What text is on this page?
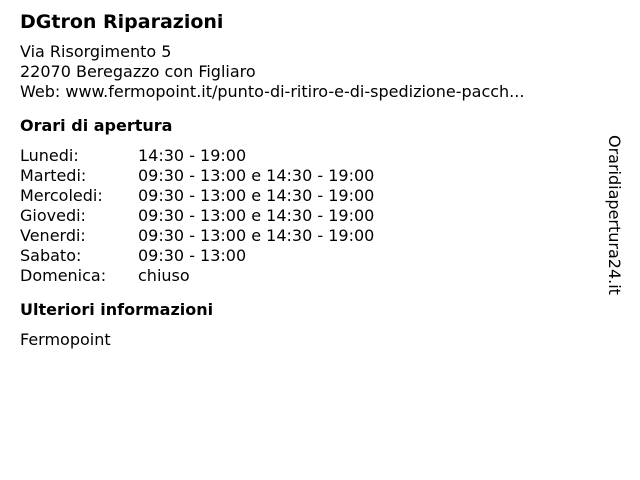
DGtron Riparazioni
Via Risorgimento 5
22070 Beregazzo con Figliaro
Web: www.fermopoint.it/punto-di-ritiro-e-di-spedizione-pacch...
Orari di apertura
Lunedi:	14:30 - 19:00
Martedi:	09:30 - 13:00 e 14:30 - 19:00
Mercoledi:	09:30 - 13:00 e 14:30 - 19:00
Giovedi:	09:30 - 13:00 e 14:30 - 19:00
Venerdi:	09:30 - 13:00 e 14:30 - 19:00
Sabato:	09:30 - 13:00
Domenica:	chiuso
Ulteriori informazioni
Fermopoint
Oraridiapertura24.it
